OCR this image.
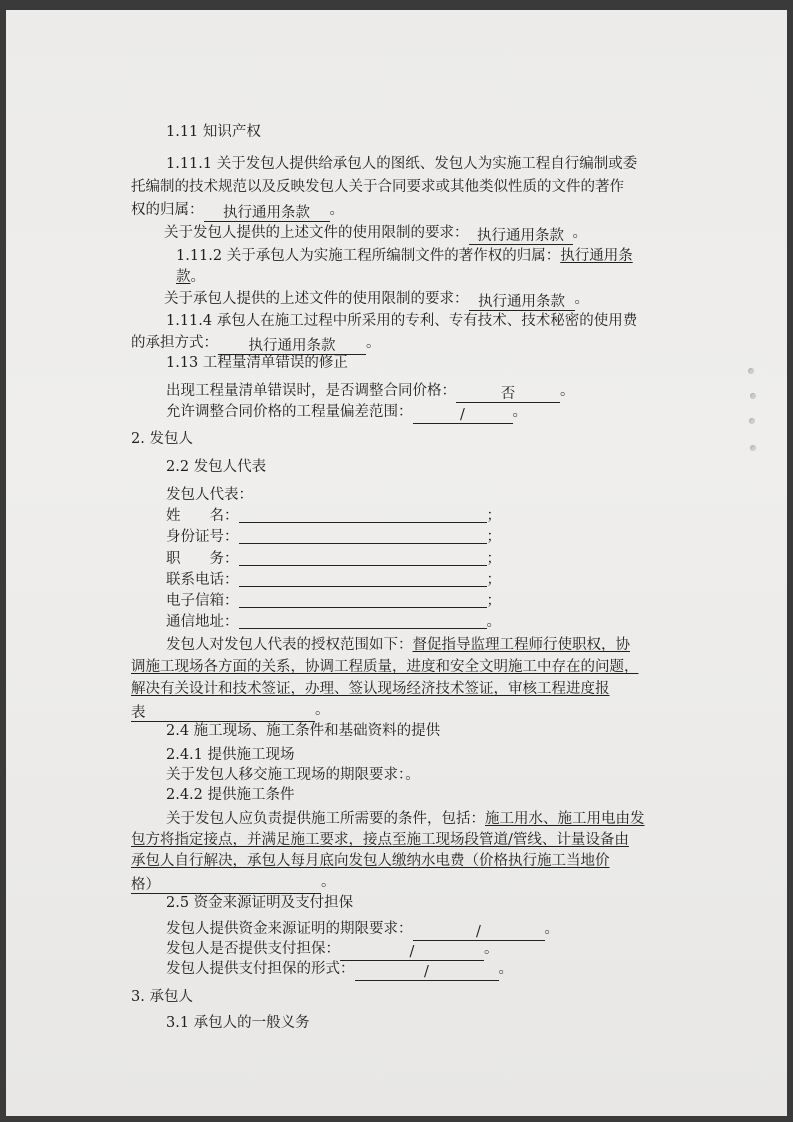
1.11 知识产权
1.11.1 关于发包人提供给承包人的图纸、发包人为实施工程自行编制或委
托编制的技术规范以及反映发包人关于合同要求或其他类似性质的文件的著作
权的归属： 执行通用条款 。
关于发包人提供的上述文件的使用限制的要求： 执行通用条款 。
1.11.2 关于承包人为实施工程所编制文件的著作权的归属：执行通用条
款。
关于承包人提供的上述文件的使用限制的要求： 执行通用条款 。
1.11.4 承包人在施工过程中所采用的专利、专有技术、技术秘密的使用费
的承担方式： 执行通用条款 。
1.13 工程量清单错误的修正
出现工程量清单错误时，是否调整合同价格：	否	。
允许调整合同价格的工程量偏差范围：	/	。
2. 发包人
2.2 发包人代表
发包人代表：
姓　　名：	；
身份证号：	；
职　　务：	；
联系电话：	；
电子信箱：	；
通信地址：	。
发包人对发包人代表的授权范围如下：督促指导监理工程师行使职权，协
调施工现场各方面的关系，协调工程质量，进度和安全文明施工中存在的问题，
解决有关设计和技术签证，办理、签认现场经济技术签证，审核工程进度报
表	。
2.4 施工现场、施工条件和基础资料的提供
2.4.1 提供施工现场
关于发包人移交施工现场的期限要求：。
2.4.2 提供施工条件
关于发包人应负责提供施工所需要的条件，包括：施工用水、施工用电由发
包方将指定接点，并满足施工要求，接点至施工现场段管道/管线、计量设备由
承包人自行解决，承包人每月底向发包人缴纳水电费（价格执行施工当地价
格）	。
2.5 资金来源证明及支付担保
发包人提供资金来源证明的期限要求：	/	。
发包人是否提供支付担保：	/	。
发包人提供支付担保的形式：	/	。
3. 承包人
3.1 承包人的一般义务
